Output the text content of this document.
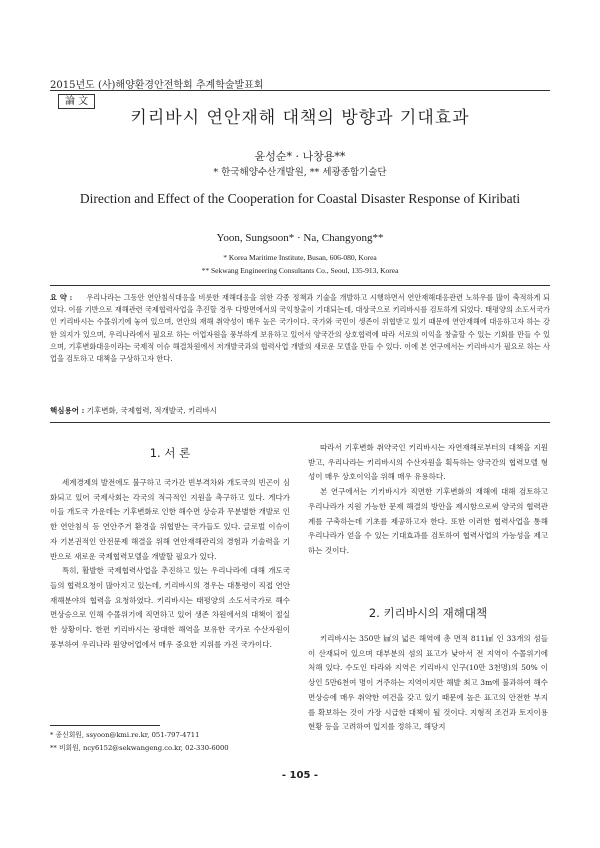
2015년도 (사)해양환경안전학회 추계학술발표회
論 文
키리바시 연안재해 대책의 방향과 기대효과
윤성순* · 나창용**
* 한국해양수산개발원, ** 세광종합기술단
Direction and Effect of the Cooperation for Coastal Disaster Response of Kiribati
Yoon, Sungsoon* · Na, Changyong**
* Korea Maritime Institute, Busan, 606-080, Korea
** Sekwang Engineering Consultants Co., Seoul, 135-913, Korea
요 약 : 우리나라는 그동안 연안침식대응을 비롯한 재해대응을 위한 각종 정책과 기술을 개발하고 시행하면서 연안재해대응관련 노하우를 많이 축적하게 되었다. 이를 기반으로 재해관련 국제협력사업을 추진할 경우 다방면에서의 국익창출이 기대되는데, 대상국으로 키리바시를 검토하게 되었다. 태평양의 소도서국가인 키리바시는 수몰위기에 놓여 있으며, 연안의 재해 취약성이 매우 높은 국가이다. 국가와 국민이 생존이 위협받고 있기 때문에 연안재해에 대응하고자 하는 강한 의지가 있으며, 우리나라에서 필요로 하는 어업자원을 풍부하게 보유하고 있어서 양국간의 상호협력에 따라 서로의 이익을 창출할 수 있는 기회를 만들 수 있으며, 기후변화대응이라는 국제적 이슈 해결차원에서 저개발국과의 협력사업 개발의 새로운 모델을 만들 수 있다. 이에 본 연구에서는 키리바시가 필요로 하는 사업을 검토하고 대책을 구상하고자 한다.
핵심용어 : 기후변화, 국제협력, 적개발국, 키리바시
1. 서 론

세계경제의 발전에도 불구하고 국가간 빈부격차와 개도국의 빈곤이 심화되고 있어 국제사회는 각국의 적극적인 지원을 촉구하고 있다. 게다가 이들 개도국 가운데는 기후변화로 인한 해수면 상승과 무분별한 개발로 인한 연안침식 등 연안주거 환경을 위협받는 국가들도 있다. 글로벌 이슈이자 기본권적인 안전문제 해결을 위해 연안재해관리의 경험과 기술력을 기반으로 새로운 국제협력모델을 개발할 필요가 있다.

특히, 활발한 국제협력사업을 추진하고 있는 우리나라에 대해 개도국들의 협력요청이 많아지고 있는데, 키리바시의 경우는 대통령이 직접 연안재해분야의 협력을 요청하였다. 키리바시는 태평양의 소도서국가로 해수면상승으로 인해 수몰위기에 직면하고 있어 생존 차원에서의 대책이 절실한 상황이다. 한편 키리바시는 광대한 해역을 보유한 국가로 수산자원이 풍부하여 우리나라 원양어업에서 매우 중요한 지위를 가진 국가이다.

따라서 기후변화 취약국인 키리바시는 자연재해로부터의 대책을 지원받고, 우리나라는 키리바시의 수산자원을 획득하는 양국간의 협력모델 형성이 매우 상호이익을 위해 매우 유용하다.

본 연구에서는 기키바시가 직면한 기후변화의 재해에 대해 검토하고 우리나라가 지원 가능한 문제 해결의 방안을 제시함으로써 양국의 협력관계를 구축하는데 기초를 제공하고자 한다. 또한 이러한 협력사업을 통해 우리나라가 얻을 수 있는 기대효과를 검토하여 협력사업의 가능성을 제고하는 것이다.

2. 키리바시의 재해대책

키리바시는 350만 ㎢의 넓은 해역에 총 면적 811㎢ 인 33개의 섬들이 산재되어 있으며 대부분의 섬의 표고가 낮아서 전 지역이 수몰위기에 처해 있다. 수도인 타라와 지역은 키리바시 인구(10만 3천명)의 50% 이상인 5만6천여 명이 거주하는 지역이지만 해발 최고 3m에 불과하여 해수면상승에 매우 취약한 여건을 갖고 있기 때문에 높은 표고의 안전한 부지를 확보하는 것이 가장 시급한 대책이 될 것이다. 지형적 조건과 토지이용현황 등을 고려하여 입지를 정하고, 해당지

* 종신회원, ssyoon@kmi.re.kr, 051-797-4711
** 비회원, ncy6152@sekwangeng.co.kr, 02-330-6000
- 105 -
